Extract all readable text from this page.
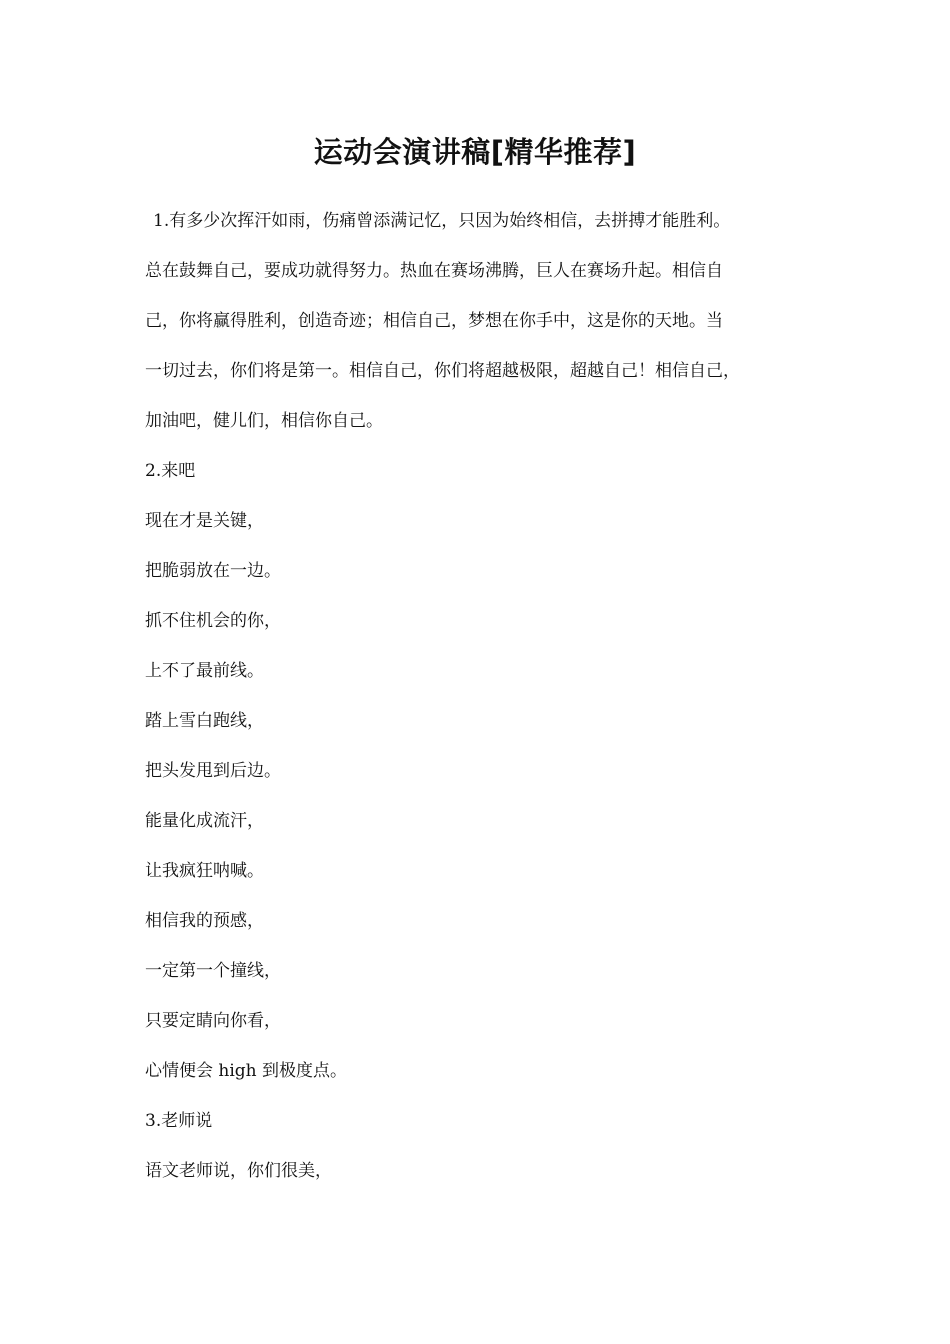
运动会演讲稿[精华推荐]
1.有多少次挥汗如雨，伤痛曾添满记忆，只因为始终相信，去拼搏才能胜利。
总在鼓舞自己，要成功就得努力。热血在赛场沸腾，巨人在赛场升起。相信自
己，你将赢得胜利，创造奇迹；相信自己，梦想在你手中，这是你的天地。当
一切过去，你们将是第一。相信自己，你们将超越极限，超越自己！相信自己，
加油吧，健儿们，相信你自己。
2.来吧
现在才是关键，
把脆弱放在一边。
抓不住机会的你，
上不了最前线。
踏上雪白跑线，
把头发甩到后边。
能量化成流汗，
让我疯狂呐喊。
相信我的预感，
一定第一个撞线，
只要定睛向你看，
心情便会 high 到极度点。
3.老师说
语文老师说，你们很美，
